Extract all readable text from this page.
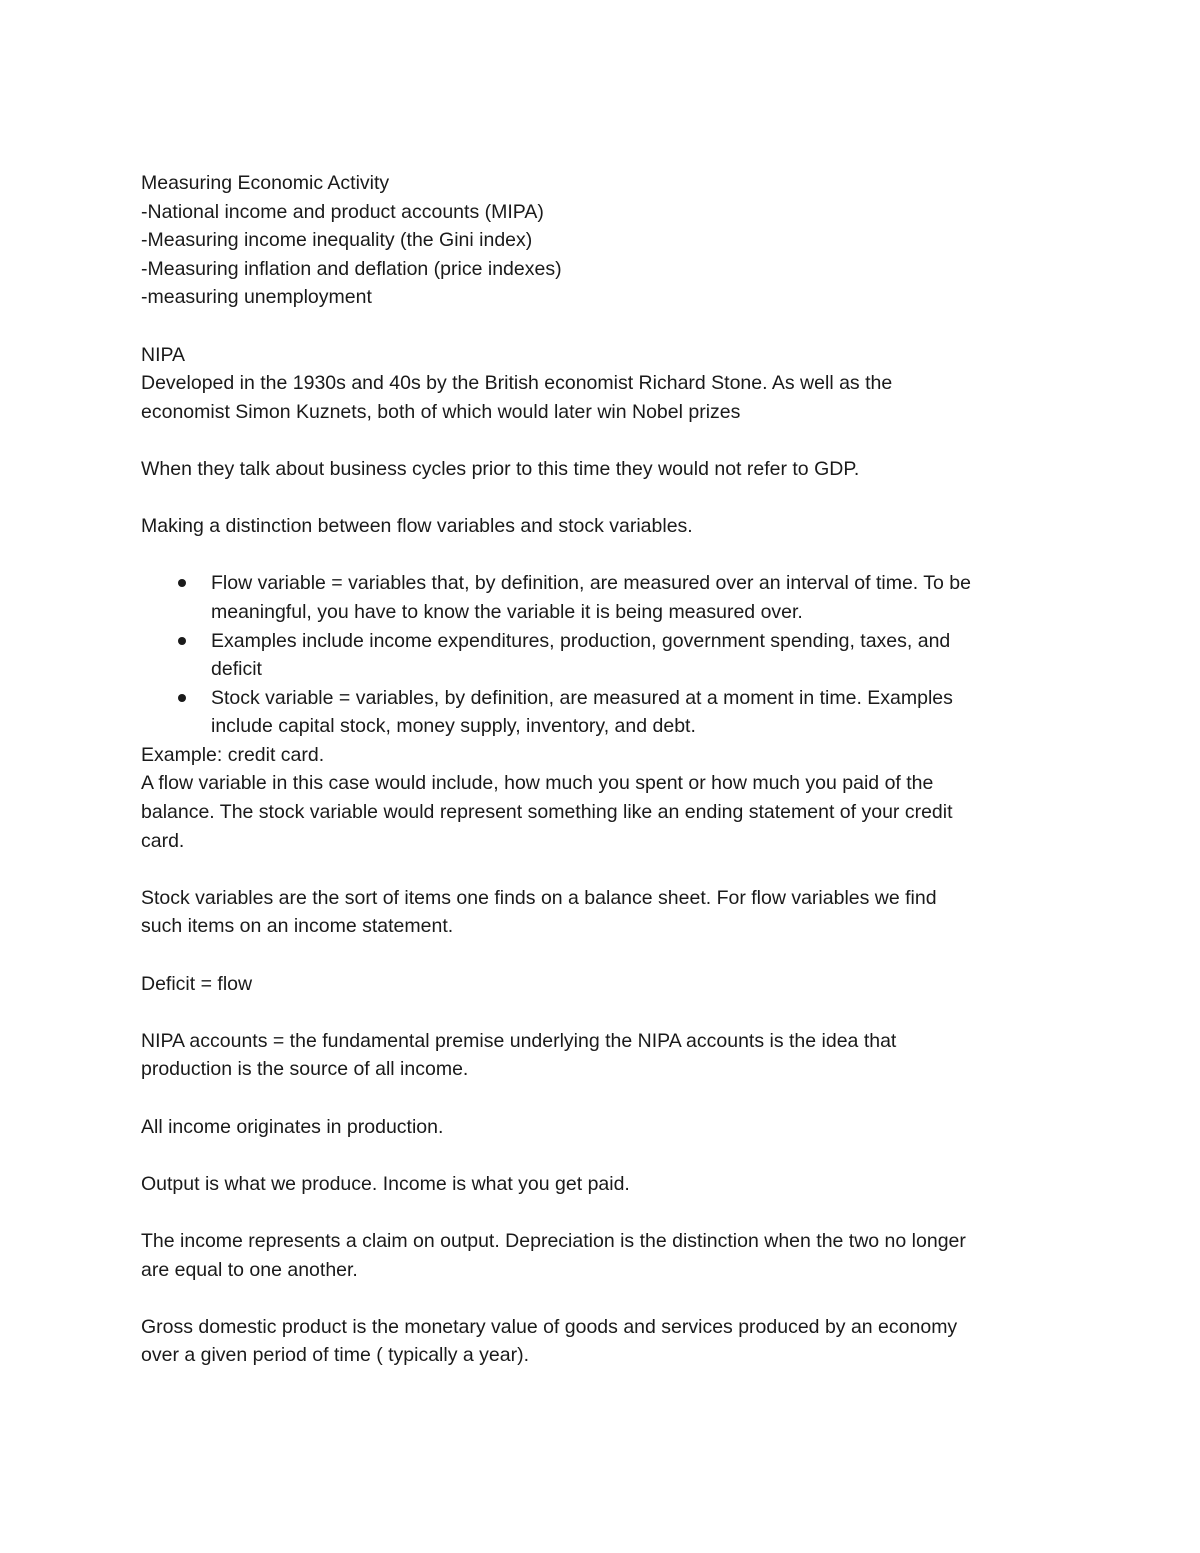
Measuring Economic Activity
-National income and product accounts (MIPA)
-Measuring income inequality (the Gini index)
-Measuring inflation and deflation (price indexes)
-measuring unemployment
NIPA
Developed in the 1930s and 40s by the British economist Richard Stone. As well as the
economist Simon Kuznets, both of which would later win Nobel prizes
When they talk about business cycles prior to this time they would not refer to GDP.
Making a distinction between flow variables and stock variables.
Flow variable = variables that, by definition, are measured over an interval of time. To be
meaningful, you have to know the variable it is being measured over.
Examples include income expenditures, production, government spending, taxes, and
deficit
Stock variable = variables, by definition, are measured at a moment in time. Examples
include capital stock, money supply, inventory, and debt.
Example: credit card.
A flow variable in this case would include, how much you spent or how much you paid of the
balance. The stock variable would represent something like an ending statement of your credit
card.
Stock variables are the sort of items one finds on a balance sheet. For flow variables we find
such items on an income statement.
Deficit = flow
NIPA accounts = the fundamental premise underlying the NIPA accounts is the idea that
production is the source of all income.
All income originates in production.
Output is what we produce. Income is what you get paid.
The income represents a claim on output. Depreciation is the distinction when the two no longer
are equal to one another.
Gross domestic product is the monetary value of goods and services produced by an economy
over a given period of time ( typically a year).
